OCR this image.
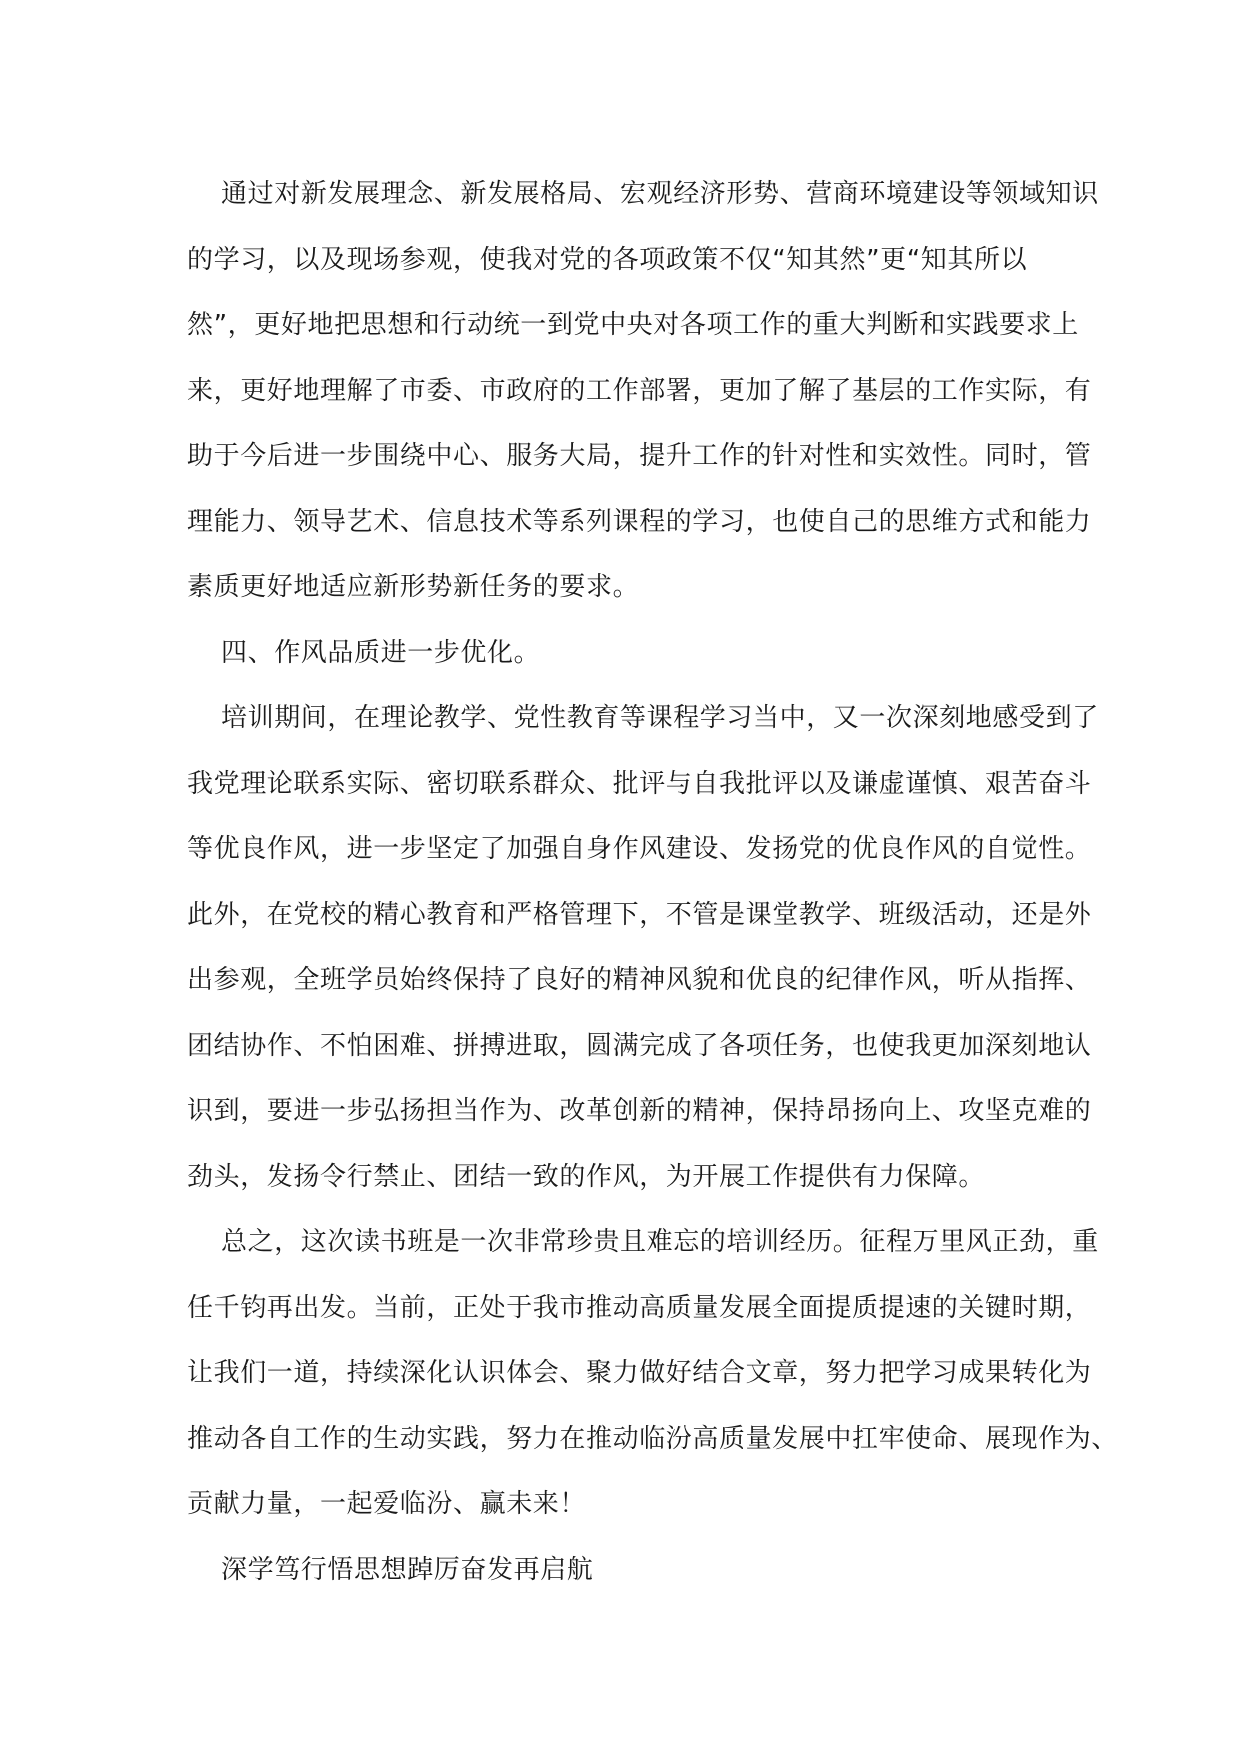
通过对新发展理念、新发展格局、宏观经济形势、营商环境建设等领域知识
的学习，以及现场参观，使我对党的各项政策不仅“知其然”更“知其所以
然”，更好地把思想和行动统一到党中央对各项工作的重大判断和实践要求上
来，更好地理解了市委、市政府的工作部署，更加了解了基层的工作实际，有
助于今后进一步围绕中心、服务大局，提升工作的针对性和实效性。同时，管
理能力、领导艺术、信息技术等系列课程的学习，也使自己的思维方式和能力
素质更好地适应新形势新任务的要求。
四、作风品质进一步优化。
培训期间，在理论教学、党性教育等课程学习当中，又一次深刻地感受到了
我党理论联系实际、密切联系群众、批评与自我批评以及谦虚谨慎、艰苦奋斗
等优良作风，进一步坚定了加强自身作风建设、发扬党的优良作风的自觉性。
此外，在党校的精心教育和严格管理下，不管是课堂教学、班级活动，还是外
出参观，全班学员始终保持了良好的精神风貌和优良的纪律作风，听从指挥、
团结协作、不怕困难、拼搏进取，圆满完成了各项任务，也使我更加深刻地认
识到，要进一步弘扬担当作为、改革创新的精神，保持昂扬向上、攻坚克难的
劲头，发扬令行禁止、团结一致的作风，为开展工作提供有力保障。
总之，这次读书班是一次非常珍贵且难忘的培训经历。征程万里风正劲，重
任千钧再出发。当前，正处于我市推动高质量发展全面提质提速的关键时期，
让我们一道，持续深化认识体会、聚力做好结合文章，努力把学习成果转化为
推动各自工作的生动实践，努力在推动临汾高质量发展中扛牢使命、展现作为、
贡献力量，一起爱临汾、赢未来！
深学笃行悟思想踔厉奋发再启航
